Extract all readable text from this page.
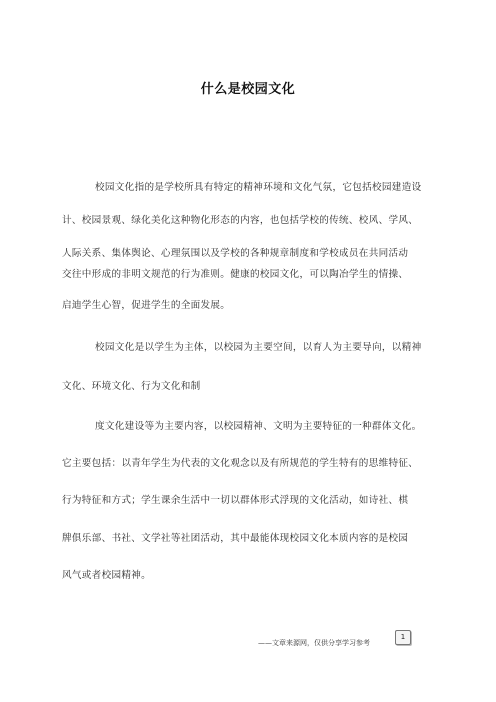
什么是校园文化
校园文化指的是学校所具有特定的精神环境和文化气氛，它包括校园建造设
计、校园景观、绿化美化这种物化形态的内容，也包括学校的传统、校风、学风、
人际关系、集体舆论、心理氛围以及学校的各种规章制度和学校成员在共同活动
交往中形成的非明文规范的行为准则。健康的校园文化，可以陶冶学生的情操、
启迪学生心智，促进学生的全面发展。
校园文化是以学生为主体，以校园为主要空间，以育人为主要导向，以精神
文化、环境文化、行为文化和制
度文化建设等为主要内容，以校园精神、文明为主要特征的一种群体文化。
它主要包括：以青年学生为代表的文化观念以及有所规范的学生特有的思维特征、
行为特征和方式；学生课余生活中一切以群体形式浮现的文化活动，如诗社、棋
牌俱乐部、书社、文学社等社团活动，其中最能体现校园文化本质内容的是校园
风气或者校园精神。
1
——文章来源网，仅供分享学习参考
